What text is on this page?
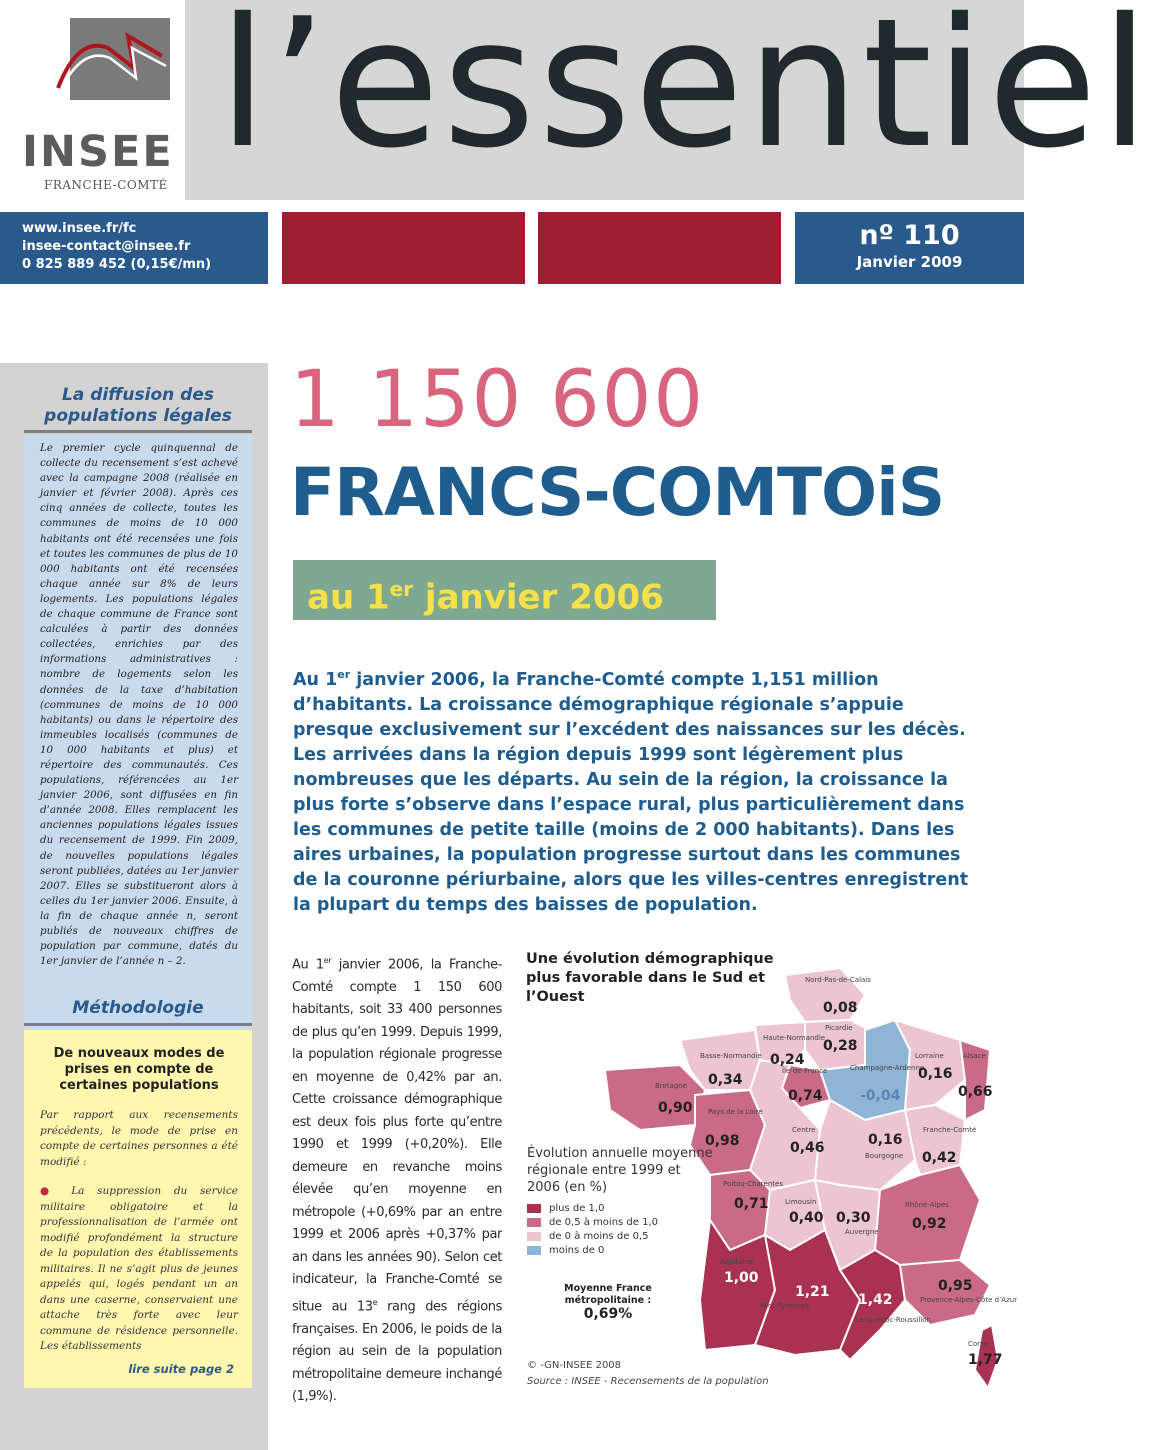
INSEE
FRANCHE-COMTÉ l’essentiel
www.insee.fr/fc
insee-contact@insee.fr
0 825 889 452 (0,15€/mn)
nº 110
Janvier 2009
La diffusion des populations légales
Le premier cycle quinquennal de collecte du recensement s’est achevé avec la campagne 2008 (réalisée en janvier et février 2008). Après ces cinq années de collecte, toutes les communes de moins de 10 000 habitants ont été recensées une fois et toutes les communes de plus de 10 000 habitants ont été recensées chaque année sur 8% de leurs logements. Les populations légales de chaque commune de France sont calculées à partir des données collectées, enrichies par des informations administratives : nombre de logements selon les données de la taxe d’habitation (communes de moins de 10 000 habitants) ou dans le répertoire des immeubles localisés (communes de 10 000 habitants et plus) et répertoire des communautés. Ces populations, référencées au 1er janvier 2006, sont diffusées en fin d’année 2008. Elles remplacent les anciennes populations légales issues du recensement de 1999. Fin 2009, de nouvelles populations légales seront publiées, datées au 1er janvier 2007. Elles se substitueront alors à celles du 1er janvier 2006. Ensuite, à la fin de chaque année n, seront publiés de nouveaux chiffres de population par commune, datés du 1er janvier de l’année n – 2.
Méthodologie
De nouveaux modes de prises en compte de certaines populations

Par rapport aux recensements précédents, le mode de prise en compte de certaines personnes a été modifié :

● La suppression du service militaire obligatoire et la professionnalisation de l’armée ont modifié profondément la structure de la population des établissements militaires. Il ne s’agit plus de jeunes appelés qui, logés pendant un an dans une caserne, conservaient une attache très forte avec leur commune de résidence personnelle. Les établissements

lire suite page 2
1 150 600
FRANCS-COMTOiS
au 1er janvier 2006
Au 1er janvier 2006, la Franche-Comté compte 1,151 million d’habitants. La croissance démographique régionale s’appuie presque exclusivement sur l’excédent des naissances sur les décès. Les arrivées dans la région depuis 1999 sont légèrement plus nombreuses que les départs. Au sein de la région, la croissance la plus forte s’observe dans l’espace rural, plus particulièrement dans les communes de petite taille (moins de 2 000 habitants). Dans les aires urbaines, la population progresse surtout dans les communes de la couronne périurbaine, alors que les villes-centres enregistrent la plupart du temps des baisses de population.
Au 1er janvier 2006, la Franche-Comté compte 1 150 600 habitants, soit 33 400 personnes de plus qu’en 1999. Depuis 1999, la population régionale progresse en moyenne de 0,42% par an. Cette croissance démographique est deux fois plus forte qu’entre 1990 et 1999 (+0,20%). Elle demeure en revanche moins élevée qu’en moyenne en métropole (+0,69% par an entre 1999 et 2006 après +0,37% par an dans les années 90). Selon cet indicateur, la Franche-Comté se situe au 13e rang des régions françaises. En 2006, le poids de la région au sein de la population métropolitaine demeure inchangé (1,9%).
Une évolution démographique plus favorable dans le Sud et l’Ouest
Nord-Pas-de-Calais
Picardie
Haute-Normandie
Basse-Normandie
Île-de-France	Champagne-Ardenne
Lorraine	Alsace
Bretagne
Pays de la Loire
Centre
Bourgogne
Franche-Comté
Poitou-Charentes
Limousin
Auvergne
Rhône-Alpes
Aquitaine
Midi-Pyrénées
Languedoc-Roussillon
Provence-Alpes-Côte d’Azur
Corse
0,08
0,28
0,24
0,34
0,74	-0,04
0,16
0,66
0,90
0,98	0,46	0,16
0,42
0,71
0,40 0,30	0,92
1,00
1,21 1,42
0,95
1,77
Évolution annuelle moyenne régionale entre 1999 et 2006 (en %)
plus de 1,0
de 0,5 à moins de 1,0
de 0 à moins de 0,5
moins de 0
Moyenne France métropolitaine :
0,69%
© -GN-INSEE 2008
Source : INSEE - Recensements de la population
